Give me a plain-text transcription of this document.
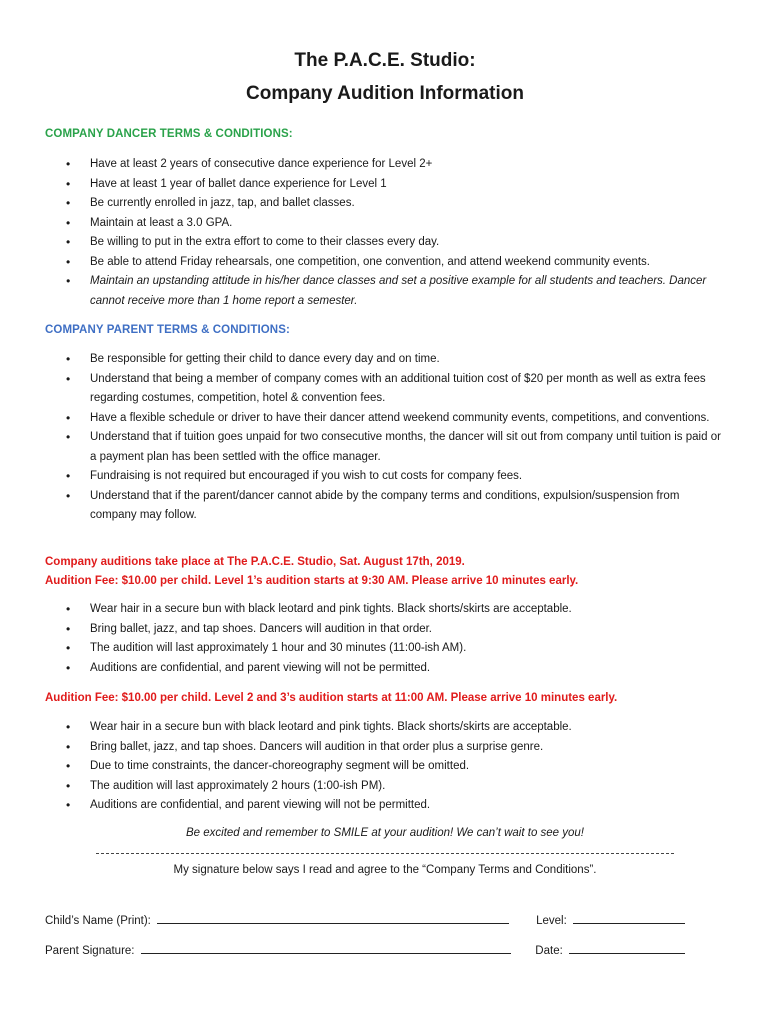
The P.A.C.E. Studio:
Company Audition Information
COMPANY DANCER TERMS & CONDITIONS:
• Have at least 2 years of consecutive dance experience for Level 2+
• Have at least 1 year of ballet dance experience for Level 1
• Be currently enrolled in jazz, tap, and ballet classes.
• Maintain at least a 3.0 GPA.
• Be willing to put in the extra effort to come to their classes every day.
• Be able to attend Friday rehearsals, one competition, one convention, and attend weekend community events.
• Maintain an upstanding attitude in his/her dance classes and set a positive example for all students and teachers. Dancer cannot receive more than 1 home report a semester.
COMPANY PARENT TERMS & CONDITIONS:
• Be responsible for getting their child to dance every day and on time.
• Understand that being a member of company comes with an additional tuition cost of $20 per month as well as extra fees regarding costumes, competition, hotel & convention fees.
• Have a flexible schedule or driver to have their dancer attend weekend community events, competitions, and conventions.
• Understand that if tuition goes unpaid for two consecutive months, the dancer will sit out from company until tuition is paid or a payment plan has been settled with the office manager.
• Fundraising is not required but encouraged if you wish to cut costs for company fees.
• Understand that if the parent/dancer cannot abide by the company terms and conditions, expulsion/suspension from company may follow.
Company auditions take place at The P.A.C.E. Studio, Sat. August 17th, 2019.
Audition Fee: $10.00 per child. Level 1’s audition starts at 9:30 AM. Please arrive 10 minutes early.
• Wear hair in a secure bun with black leotard and pink tights. Black shorts/skirts are acceptable.
• Bring ballet, jazz, and tap shoes. Dancers will audition in that order.
• The audition will last approximately 1 hour and 30 minutes (11:00-ish AM).
• Auditions are confidential, and parent viewing will not be permitted.
Audition Fee: $10.00 per child. Level 2 and 3’s audition starts at 11:00 AM. Please arrive 10 minutes early.
• Wear hair in a secure bun with black leotard and pink tights. Black shorts/skirts are acceptable.
• Bring ballet, jazz, and tap shoes. Dancers will audition in that order plus a surprise genre.
• Due to time constraints, the dancer-choreography segment will be omitted.
• The audition will last approximately 2 hours (1:00-ish PM).
• Auditions are confidential, and parent viewing will not be permitted.
Be excited and remember to SMILE at your audition! We can’t wait to see you!
My signature below says I read and agree to the “Company Terms and Conditions”.
Child’s Name (Print):	Level:
Parent Signature:	Date:
